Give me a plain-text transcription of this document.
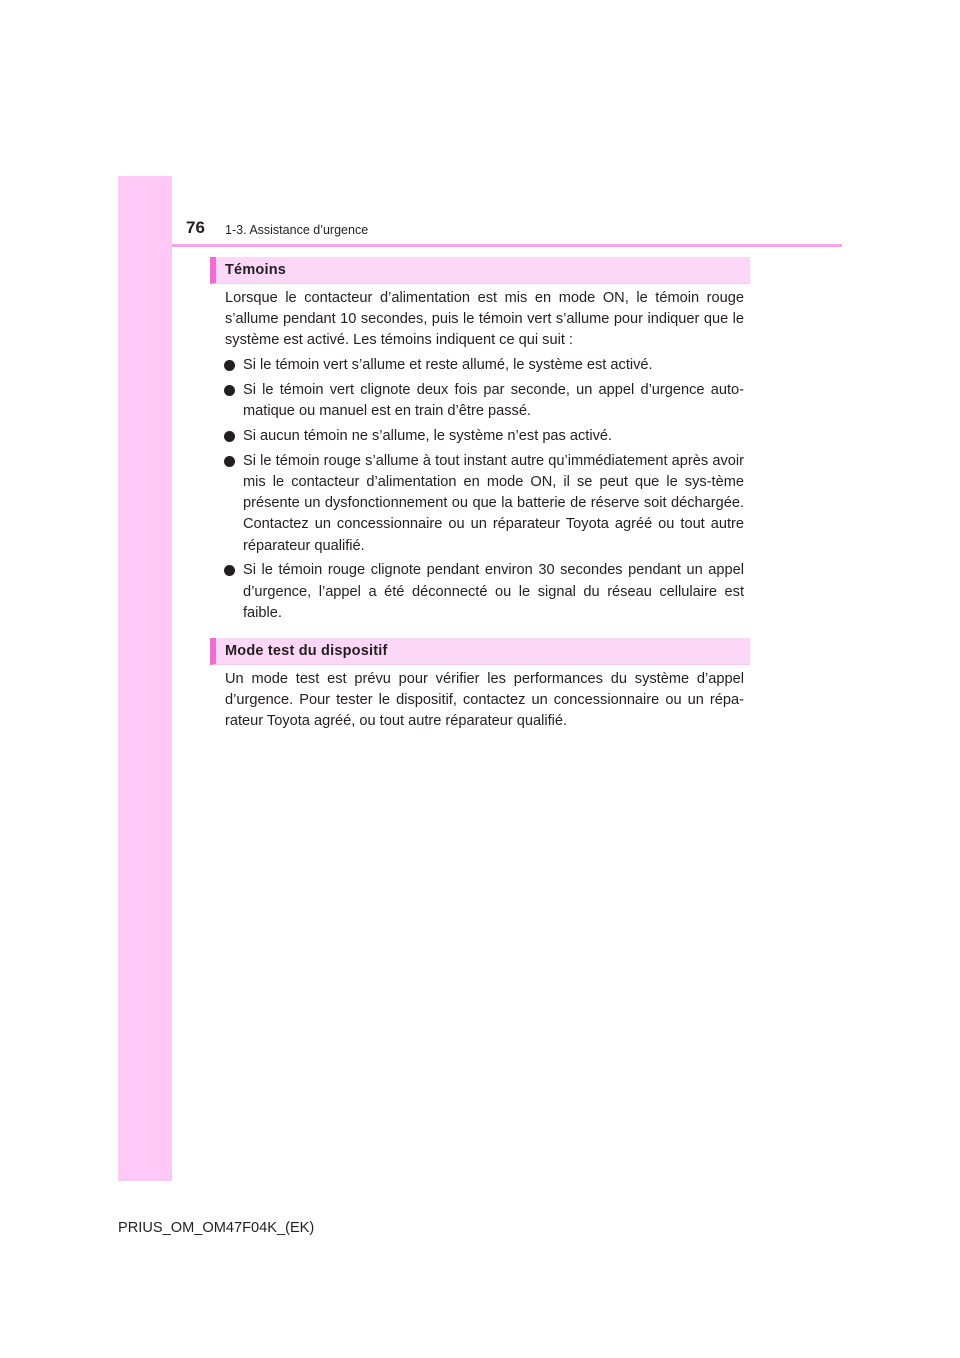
76 1-3. Assistance d’urgence
Témoins

Lorsque le contacteur d’alimentation est mis en mode ON, le témoin rouge s’allume pendant 10 secondes, puis le témoin vert s’allume pour indiquer que le système est activé. Les témoins indiquent ce qui suit :

Si le témoin vert s’allume et reste allumé, le système est activé.
Si le témoin vert clignote deux fois par seconde, un appel d’urgence auto-matique ou manuel est en train d’être passé.
Si aucun témoin ne s’allume, le système n’est pas activé.
Si le témoin rouge s’allume à tout instant autre qu’immédiatement après avoir mis le contacteur d’alimentation en mode ON, il se peut que le sys-tème présente un dysfonctionnement ou que la batterie de réserve soit déchargée. Contactez un concessionnaire ou un réparateur Toyota agréé ou tout autre réparateur qualifié.
Si le témoin rouge clignote pendant environ 30 secondes pendant un appel d’urgence, l’appel a été déconnecté ou le signal du réseau cellulaire est faible.
Mode test du dispositif

Un mode test est prévu pour vérifier les performances du système d’appel d’urgence. Pour tester le dispositif, contactez un concessionnaire ou un répa-rateur Toyota agréé, ou tout autre réparateur qualifié.

PRIUS_OM_OM47F04K_(EK)
